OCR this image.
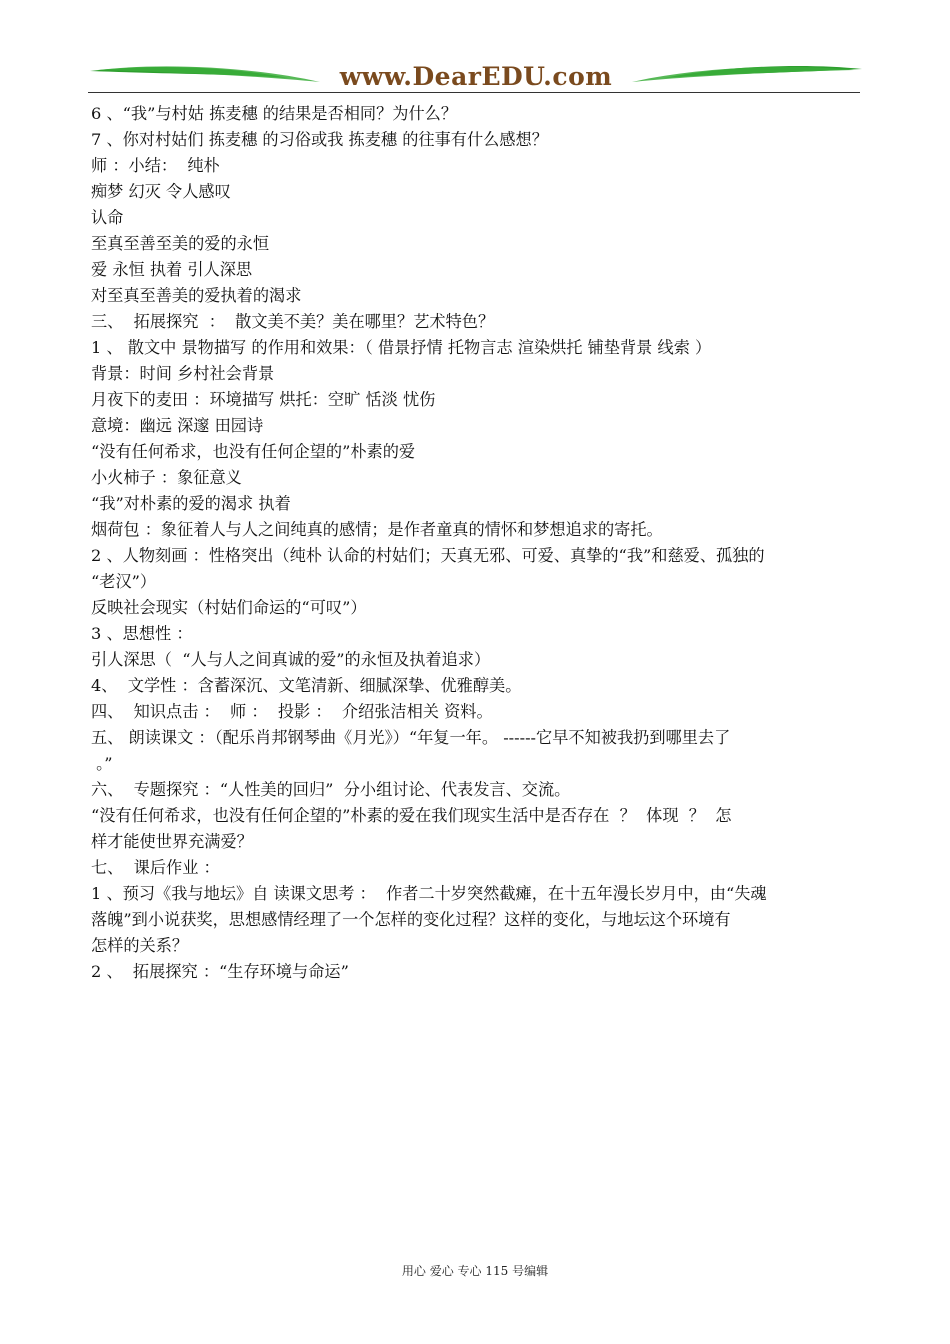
www.DearEDU.com

6 、“我”与村姑 拣麦穗 的结果是否相同？为什么？

7 、你对村姑们 拣麦穗 的习俗或我 拣麦穗 的往事有什么感想？

师 ：小结：  纯朴

痴梦 幻灭 令人感叹

认命

至真至善至美的爱的永恒

爱 永恒 执着 引人深思

对至真至善美的爱执着的渴求

三、  拓展探究  ：  散文美不美？美在哪里？艺术特色？

1 、 散文中 景物描写 的作用和效果：（ 借景抒情 托物言志 渲染烘托 铺垫背景 线索 ）

背景：时间 乡村社会背景

月夜下的麦田 ：环境描写 烘托：空旷 恬淡 忧伤

意境：幽远 深邃 田园诗

“没有任何希求，也没有任何企望的”朴素的爱

小火柿子 ：象征意义

“我”对朴素的爱的渴求 执着

烟荷包 ：象征着人与人之间纯真的感情；是作者童真的情怀和梦想追求的寄托。

2 、人物刻画 ：性格突出（纯朴 认命的村姑们；天真无邪、可爱、真挚的“我”和慈爱、孤独的

“老汉”）

反映社会现实（村姑们命运的“可叹”）

3 、思想性 ：

引人深思（  “人与人之间真诚的爱”的永恒及执着追求）

4、  文学性 ：含蓄深沉、文笔清新、细腻深挚、优雅醇美。

四、  知识点击 ：  师 ：  投影 ：  介绍张洁相关 资料。

五、 朗读课文 ：（配乐肖邦钢琴曲《月光》）“年复一年。 ------它早不知被我扔到哪里去了

。”

六、  专题探究 ：“人性美的回归”  分小组讨论、代表发言、交流。

“没有任何希求，也没有任何企望的”朴素的爱在我们现实生活中是否存在  ？  体现  ？  怎

样才能使世界充满爱？

七、  课后作业 ：

1 、预习《我与地坛》自 读课文思考 ：  作者二十岁突然截瘫，在十五年漫长岁月中，由“失魂

落魄”到小说获奖，思想感情经理了一个怎样的变化过程？这样的变化，与地坛这个环境有

怎样的关系？

2 、  拓展探究 ：“生存环境与命运”

用心 爱心 专心 115 号编辑
